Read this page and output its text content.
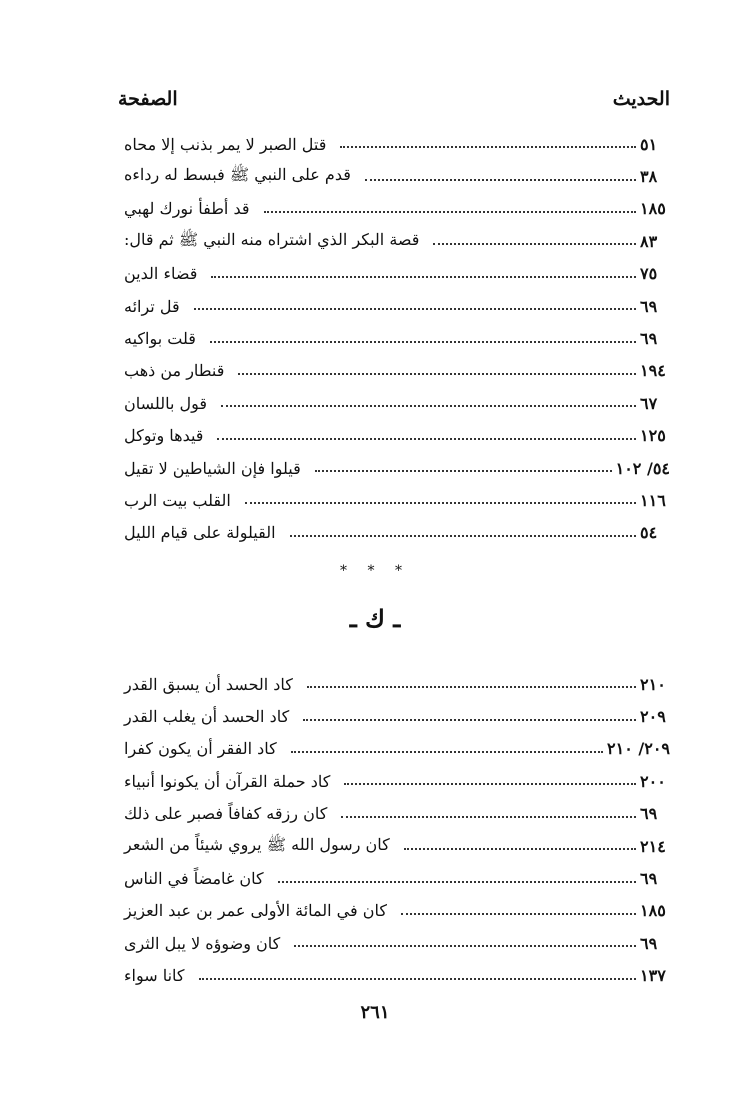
الحديث
الصفحة
قتل الصبر لا يمر بذنب إلا محاه	٥١
قدم على النبي ﷺ فبسط له رداءه	٣٨
قد أطفأ نورك لهبي	١٨٥
قصة البكر الذي اشتراه منه النبي ﷺ ثم قال:	٨٣
قضاء الدين	٧٥
قل ترائه	٦٩
قلت بواكيه	٦٩
قنطار من ذهب	١٩٤
قول باللسان	٦٧
قيدها وتوكل	١٢٥
قيلوا فإن الشياطين لا تقيل	٥٤/ ١٠٢
القلب بيت الرب	١١٦
القيلولة على قيام الليل	٥٤
* * *
ـ ك ـ
كاد الحسد أن يسبق القدر	٢١٠
كاد الحسد أن يغلب القدر	٢٠٩
كاد الفقر أن يكون كفرا	٢٠٩/ ٢١٠
كاد حملة القرآن أن يكونوا أنبياء	٢٠٠
كان رزقه كفافاً فصبر على ذلك	٦٩
كان رسول الله ﷺ يروي شيئاً من الشعر	٢١٤
كان غامضاً في الناس	٦٩
كان في المائة الأولى عمر بن عبد العزيز	١٨٥
كان وضوؤه لا يبل الثرى	٦٩
كانا سواء	١٣٧
٢٦١
